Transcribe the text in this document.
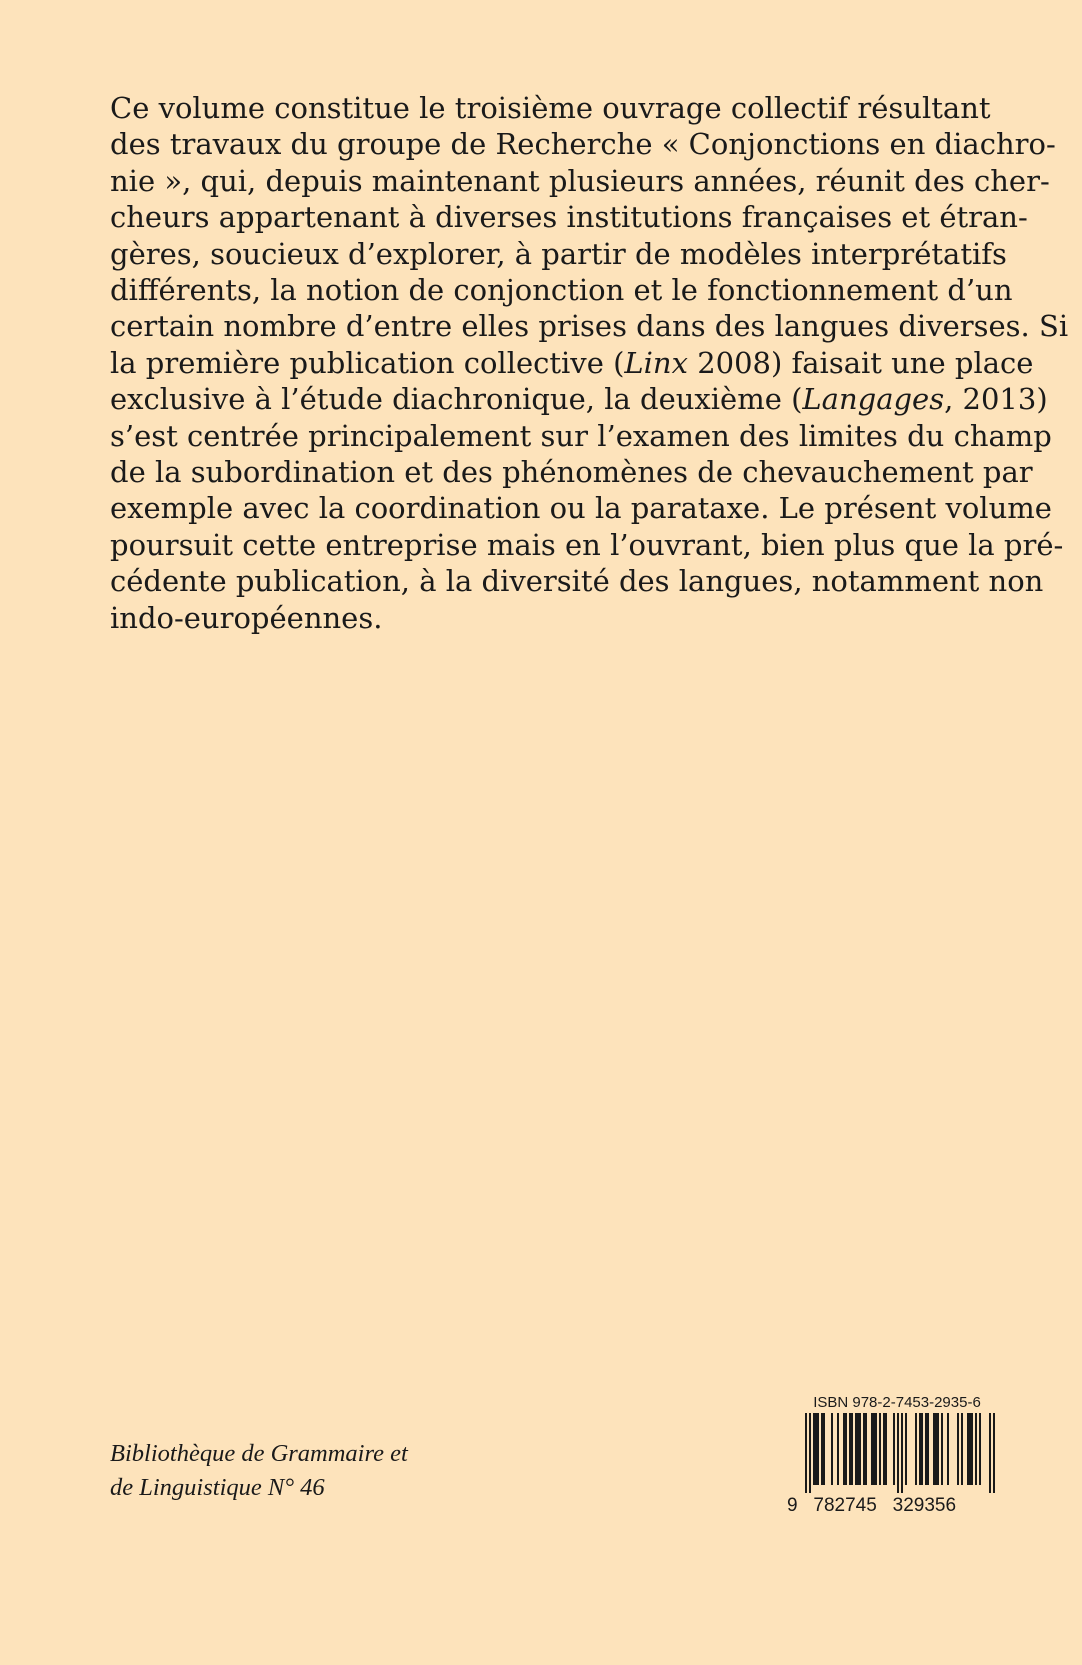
Ce volume constitue le troisième ouvrage collectif résultant
des travaux du groupe de Recherche « Conjonctions en diachro-
nie », qui, depuis maintenant plusieurs années, réunit des cher-
cheurs appartenant à diverses institutions françaises et étran-
gères, soucieux d’explorer, à partir de modèles interprétatifs
différents, la notion de conjonction et le fonctionnement d’un
certain nombre d’entre elles prises dans des langues diverses. Si
la première publication collective (Linx 2008) faisait une place
exclusive à l’étude diachronique, la deuxième (Langages, 2013)
s’est centrée principalement sur l’examen des limites du champ
de la subordination et des phénomènes de chevauchement par
exemple avec la coordination ou la parataxe. Le présent volume
poursuit cette entreprise mais en l’ouvrant, bien plus que la pré-
cédente publication, à la diversité des langues, notamment non
indo-européennes.
Bibliothèque de Grammaire et
de Linguistique N° 46
ISBN 978-2-7453-2935-6
9   782745   329356
